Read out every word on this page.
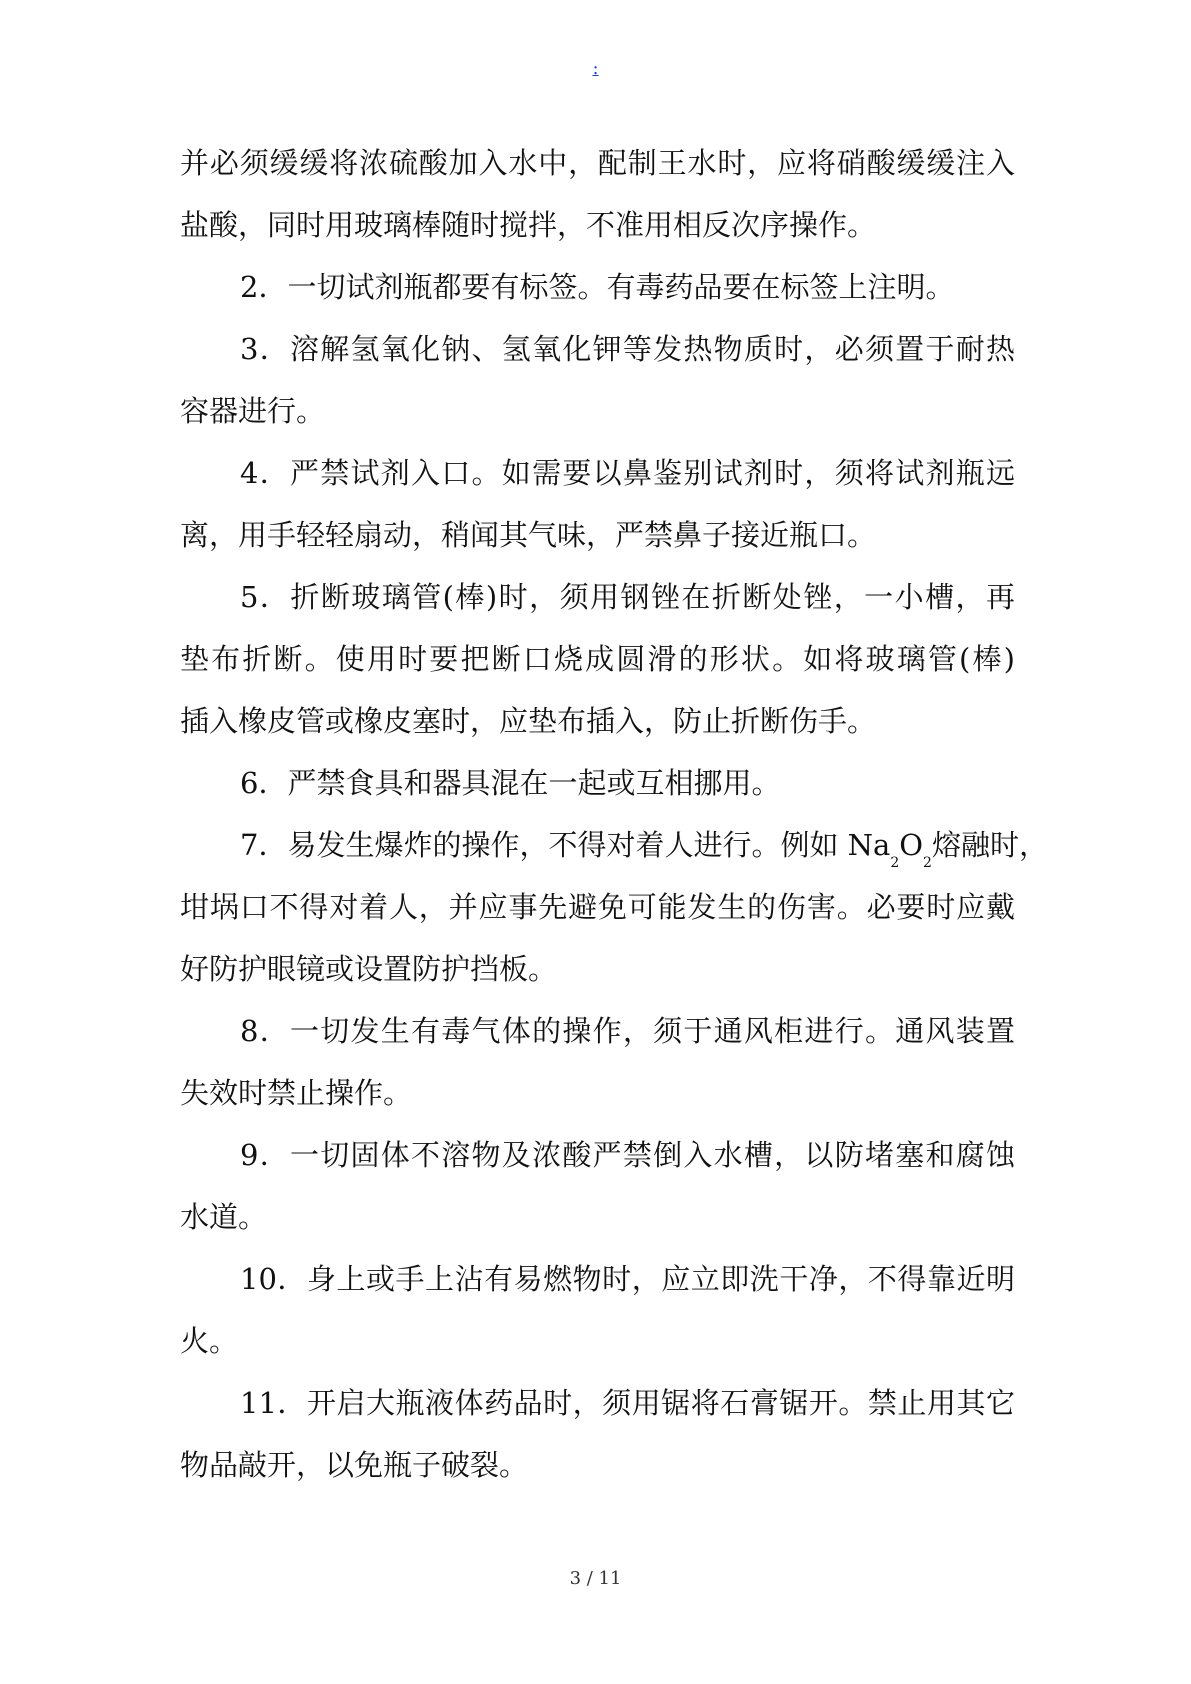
:
并必须缓缓将浓硫酸加入水中，配制王水时，应将硝酸缓缓注入
盐酸，同时用玻璃棒随时搅拌，不准用相反次序操作。
2．一切试剂瓶都要有标签。有毒药品要在标签上注明。
3．溶解氢氧化钠、氢氧化钾等发热物质时，必须置于耐热
容器进行。
4．严禁试剂入口。如需要以鼻鉴别试剂时，须将试剂瓶远
离，用手轻轻扇动，稍闻其气味，严禁鼻子接近瓶口。
5．折断玻璃管(棒)时，须用钢锉在折断处锉，一小槽，再
垫布折断。使用时要把断口烧成圆滑的形状。如将玻璃管(棒)
插入橡皮管或橡皮塞时，应垫布插入，防止折断伤手。
6．严禁食具和器具混在一起或互相挪用。
7．易发生爆炸的操作，不得对着人进行。例如 $Na_2O_2$熔融时，
坩埚口不得对着人，并应事先避免可能发生的伤害。必要时应戴
好防护眼镜或设置防护挡板。
8．一切发生有毒气体的操作，须于通风柜进行。通风装置
失效时禁止操作。
9．一切固体不溶物及浓酸严禁倒入水槽，以防堵塞和腐蚀
水道。
10．身上或手上沾有易燃物时，应立即洗干净，不得靠近明
火。
11．开启大瓶液体药品时，须用锯将石膏锯开。禁止用其它
物品敲开，以免瓶子破裂。
3 / 11
